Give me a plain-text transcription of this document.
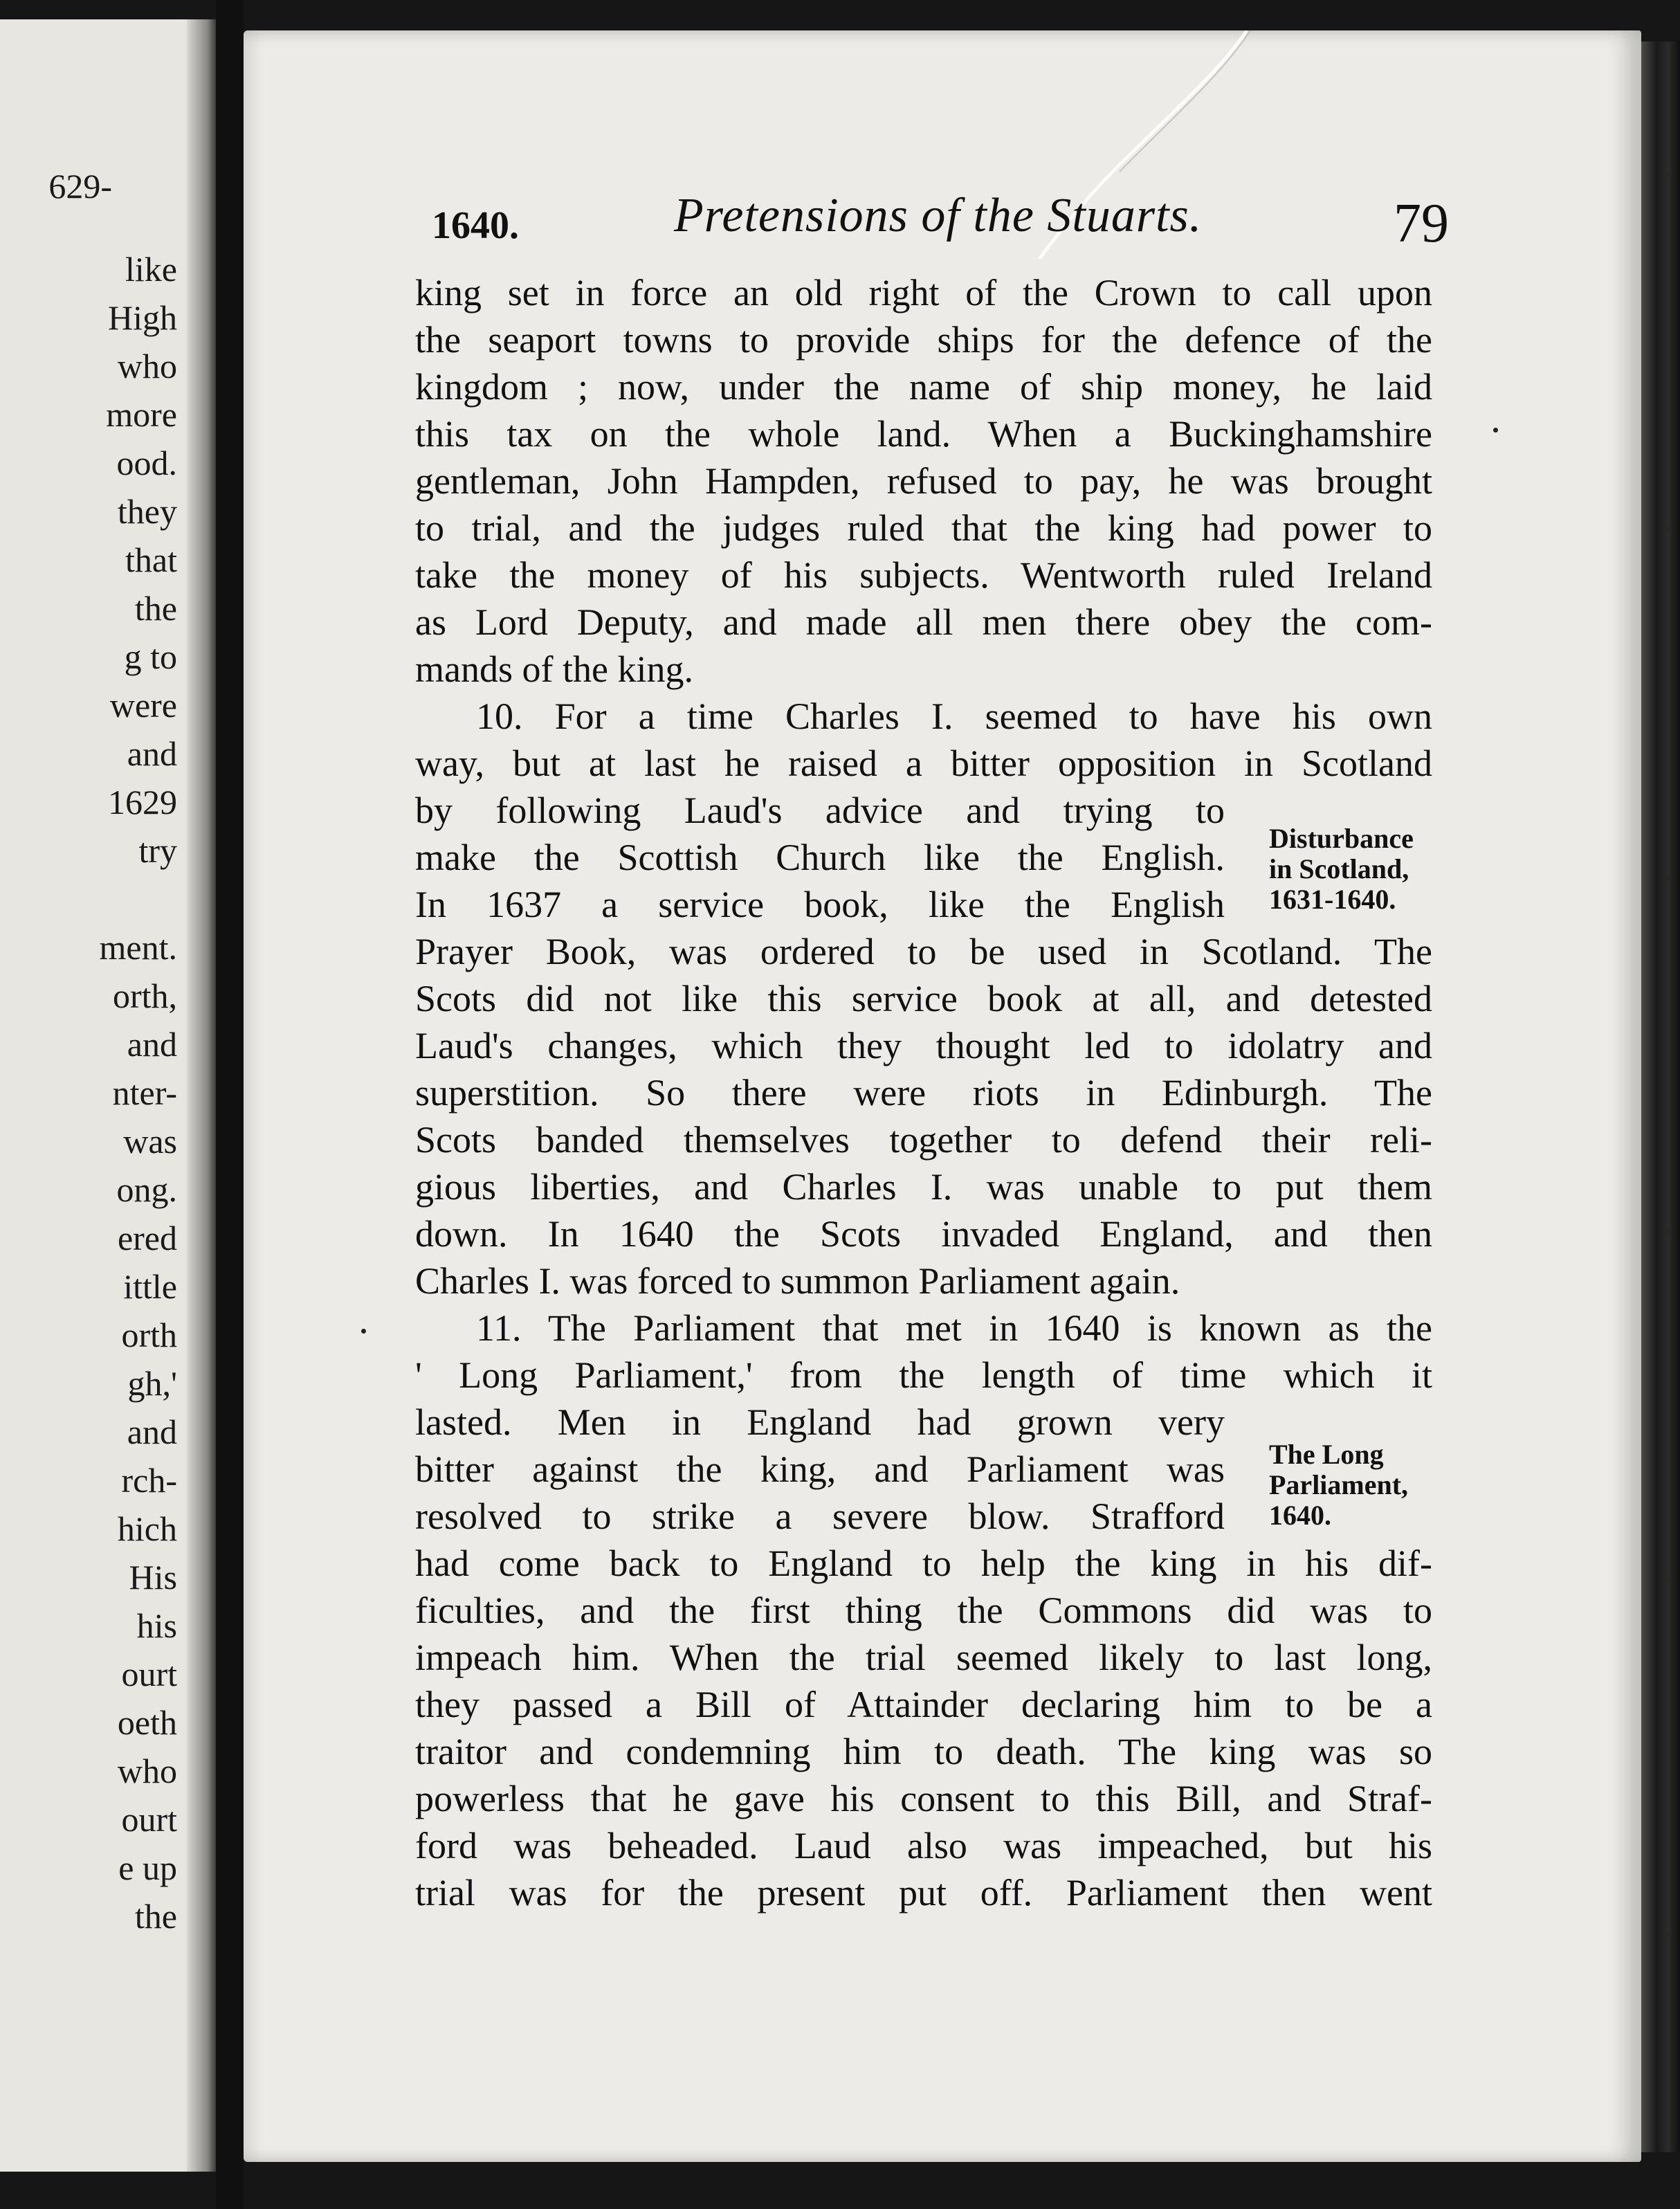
629-
like
High
who
more
ood.
they
that
the
g to
were
and
1629
try
ment.
orth,
and
nter-
was
ong.
ered
ittle
orth
gh,'
and
rch-
hich
His
his
ourt
oeth
who
ourt
e up
the
1640.	Pretensions of the Stuarts.	79
king set in force an old right of the Crown to call upon
the seaport towns to provide ships for the defence of the
kingdom ; now, under the name of ship money, he laid
this tax on the whole land. When a Buckinghamshire
gentleman, John Hampden, refused to pay, he was brought
to trial, and the judges ruled that the king had power to
take the money of his subjects. Wentworth ruled Ireland
as Lord Deputy, and made all men there obey the com-
mands of the king.
10. For a time Charles I. seemed to have his own
way, but at last he raised a bitter opposition in Scotland
by following Laud's advice and trying to
make the Scottish Church like the English.
In 1637 a service book, like the English
Prayer Book, was ordered to be used in Scotland. The
Scots did not like this service book at all, and detested
Laud's changes, which they thought led to idolatry and
superstition. So there were riots in Edinburgh. The
Scots banded themselves together to defend their reli-
gious liberties, and Charles I. was unable to put them
down. In 1640 the Scots invaded England, and then
Charles I. was forced to summon Parliament again.
11. The Parliament that met in 1640 is known as the
' Long Parliament,' from the length of time which it
lasted. Men in England had grown very
bitter against the king, and Parliament was
resolved to strike a severe blow. Strafford
had come back to England to help the king in his dif-
ficulties, and the first thing the Commons did was to
impeach him. When the trial seemed likely to last long,
they passed a Bill of Attainder declaring him to be a
traitor and condemning him to death. The king was so
powerless that he gave his consent to this Bill, and Straf-
ford was beheaded. Laud also was impeached, but his
trial was for the present put off. Parliament then went
Disturbance
in Scotland,
1631-1640.
The Long
Parliament,
1640.
